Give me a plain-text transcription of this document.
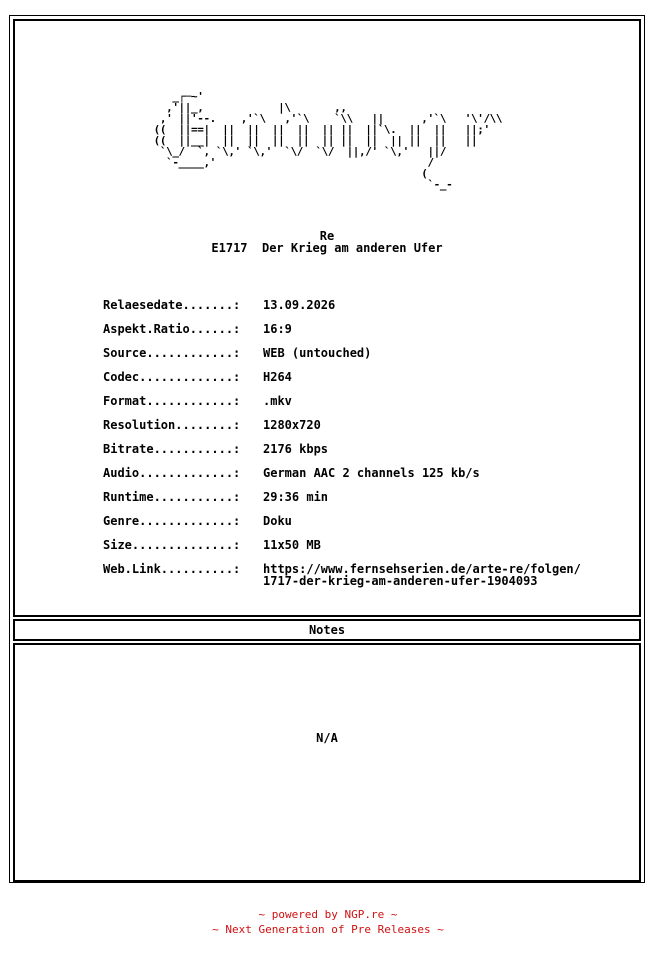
_┌─~'
,'||_,            |\       ,,
,' ||'--.    ,'`\   ,'`\    `\\   ||      ,'`\   '\'/\\
((  ||==|  ||  ||  ||  ||  || ||  ||`\.  ||  ||   ||;'
((  ||__|  ||  ||  ||  ||  || ||  ||  || ||  ||   ||
`\_/  `, `\,' `\,'  `\/  `\/  ||,/' `\,'   ||/
`-____,'                                  /
(
`-_-
Re
E1717  Der Krieg am anderen Ufer
Relaesedate.......:	13.09.2026
Aspekt.Ratio......:	16:9
Source............:	WEB (untouched)
Codec.............:	H264
Format............:	.mkv
Resolution........:	1280x720
Bitrate...........:	2176 kbps
Audio.............:	German AAC 2 channels 125 kb/s
Runtime...........:	29:36 min
Genre.............:	Doku
Size..............:	11x50 MB
Web.Link..........:	https://www.fernsehserien.de/arte-re/folgen/
1717-der-krieg-am-anderen-ufer-1904093
Notes
N/A
~ powered by NGP.re ~
~ Next Generation of Pre Releases ~
